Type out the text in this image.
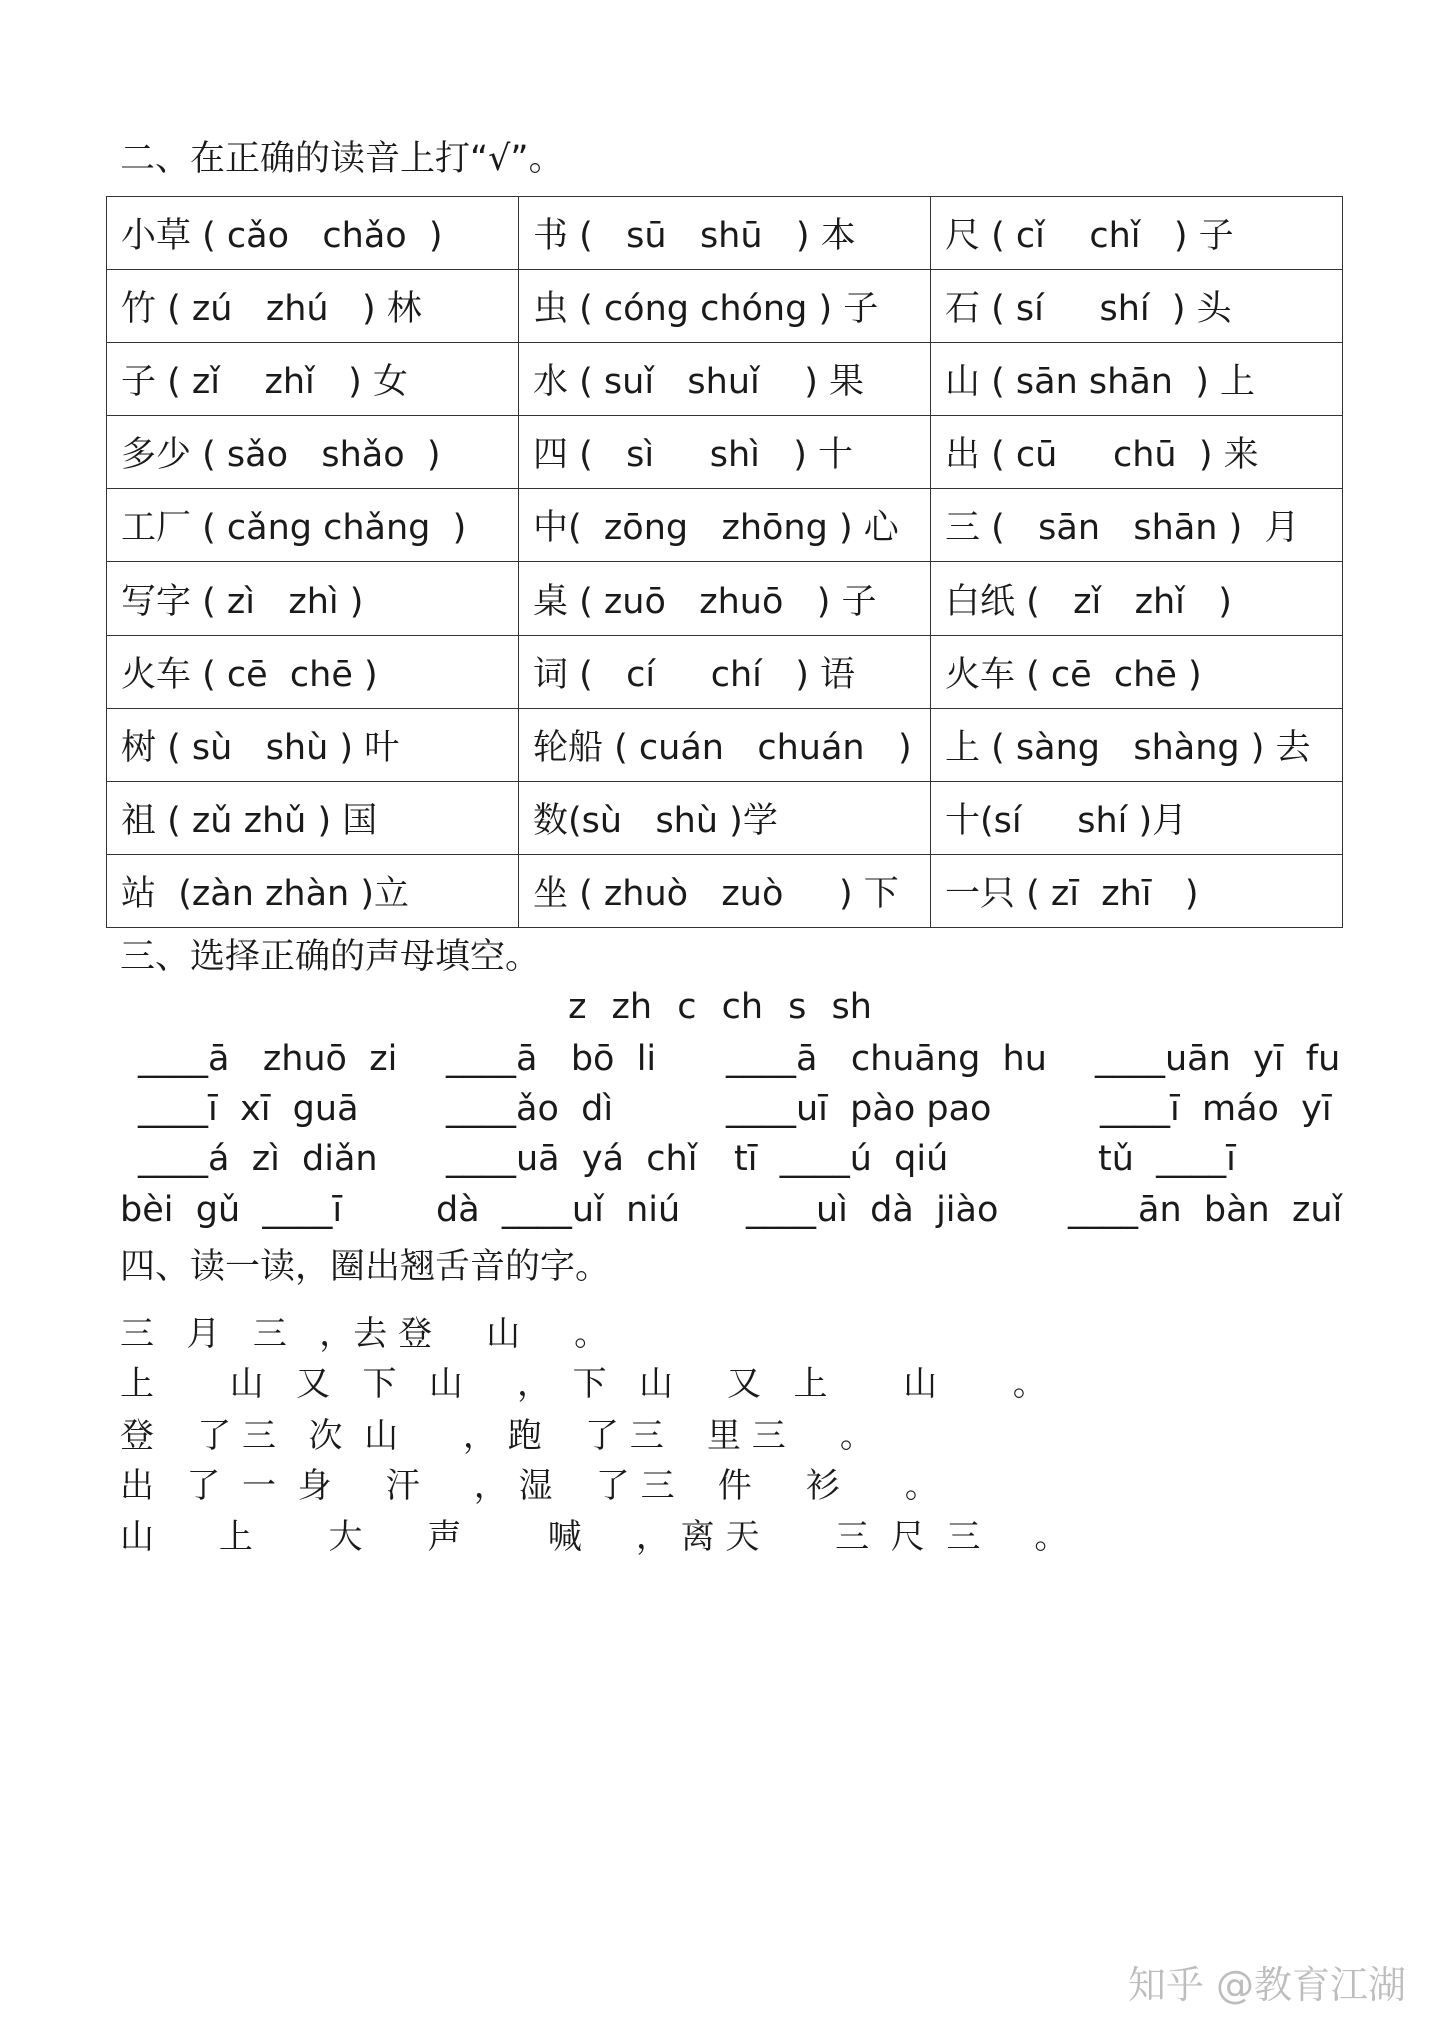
二、在正确的读音上打“√”。
小草 ( cǎo   chǎo  )	书 (   sū   shū   ) 本	尺 ( cǐ    chǐ   ) 子
竹 ( zú   zhú   ) 林	虫 ( cóng chóng ) 子	石 ( sí     shí  ) 头
子 ( zǐ    zhǐ   ) 女	水 ( suǐ   shuǐ    ) 果	山 ( sān shān  ) 上
多少 ( sǎo   shǎo  )	四 (   sì     shì   ) 十	出 ( cū     chū  ) 来
工厂 ( cǎng chǎng  )	中(  zōng   zhōng ) 心	三 (   sān   shān )  月
写字 ( zì   zhì )	桌 ( zuō   zhuō   ) 子	白纸 (   zǐ   zhǐ   )
火车 ( cē  chē )	词 (   cí     chí   ) 语	火车 ( cē  chē )
树 ( sù   shù ) 叶	轮船 ( cuán   chuán   )	上 ( sàng   shàng ) 去
祖 ( zǔ zhǔ ) 国	数(sù   shù )学	十(sí     shí )月
站  (zàn zhàn )立	坐 ( zhuò   zuò     ) 下	一只 ( zī  zhī   )
三、选择正确的声母填空。
z zh c ch s sh
____ā   zhuō  zi ____ā   bō  li ____ā   chuāng  hu ____uān  yī  fu
____ī  xī  guā ____ǎo  dì	____uī  pào pao	____ī  máo  yī
____á  zì  diǎn ____uā  yá  chǐ tī  ____ú  qiú	tǔ  ____ī
bèi  gǔ  ____ī	dà  ____uǐ  niú ____uì  dà  jiào ____ān  bàn  zuǐ
四、读一读，圈出翘舌音的字。
三   月   三   ，去 登     山     。
上       山   又   下   山     ，  下   山     又   上       山       。
登    了 三   次  山      ， 跑    了 三    里 三     。
出   了  一  身     汗     ， 湿    了 三    件     衫      。
山      上       大      声        喊     ， 离 天       三  尺  三     。
知乎 @教育江湖
